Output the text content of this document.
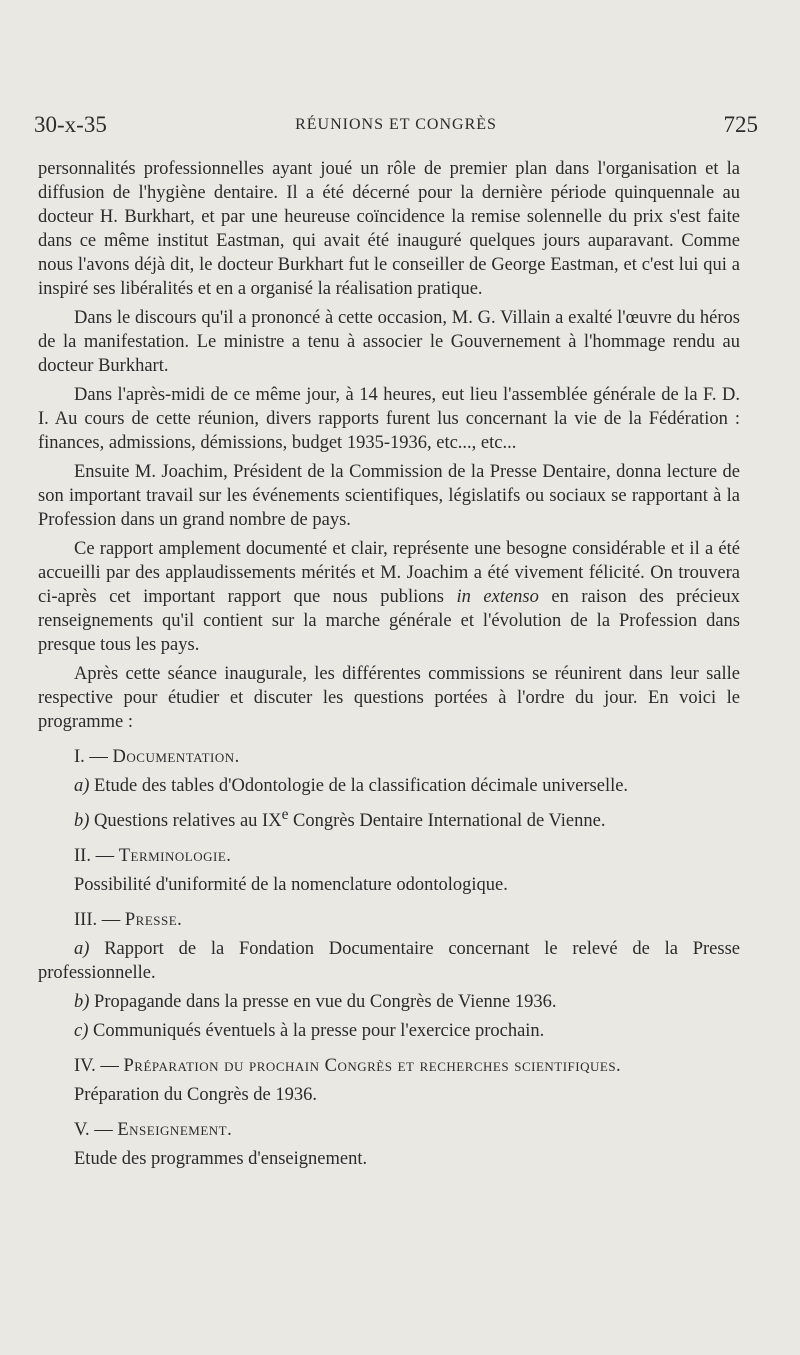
30-x-35	RÉUNIONS ET CONGRÈS	725

personnalités professionnelles ayant joué un rôle de premier plan dans l'organisation et la diffusion de l'hygiène dentaire. Il a été décerné pour la dernière période quinquennale au docteur H. Burkhart, et par une heureuse coïncidence la remise solennelle du prix s'est faite dans ce même institut Eastman, qui avait été inauguré quelques jours auparavant. Comme nous l'avons déjà dit, le docteur Burkhart fut le conseiller de George Eastman, et c'est lui qui a inspiré ses libéralités et en a organisé la réalisation pratique.

Dans le discours qu'il a prononcé à cette occasion, M. G. Villain a exalté l'œuvre du héros de la manifestation. Le ministre a tenu à associer le Gouvernement à l'hommage rendu au docteur Burkhart.

Dans l'après-midi de ce même jour, à 14 heures, eut lieu l'assemblée générale de la F. D. I. Au cours de cette réunion, divers rapports furent lus concernant la vie de la Fédération : finances, admissions, démissions, budget 1935-1936, etc..., etc...

Ensuite M. Joachim, Président de la Commission de la Presse Dentaire, donna lecture de son important travail sur les événements scientifiques, législatifs ou sociaux se rapportant à la Profession dans un grand nombre de pays.

Ce rapport amplement documenté et clair, représente une besogne considérable et il a été accueilli par des applaudissements mérités et M. Joachim a été vivement félicité. On trouvera ci-après cet important rapport que nous publions in extenso en raison des précieux renseignements qu'il contient sur la marche générale et l'évolution de la Profession dans presque tous les pays.

Après cette séance inaugurale, les différentes commissions se réunirent dans leur salle respective pour étudier et discuter les questions portées à l'ordre du jour. En voici le programme :

I. — Documentation.

a) Etude des tables d'Odontologie de la classification décimale universelle.

b) Questions relatives au IXe Congrès Dentaire International de Vienne.

II. — Terminologie.

Possibilité d'uniformité de la nomenclature odontologique.

III. — Presse.

a) Rapport de la Fondation Documentaire concernant le relevé de la Presse professionnelle.

b) Propagande dans la presse en vue du Congrès de Vienne 1936.

c) Communiqués éventuels à la presse pour l'exercice prochain.

IV. — Préparation du prochain Congrès et recherches scientifiques.

Préparation du Congrès de 1936.

V. — Enseignement.

Etude des programmes d'enseignement.
